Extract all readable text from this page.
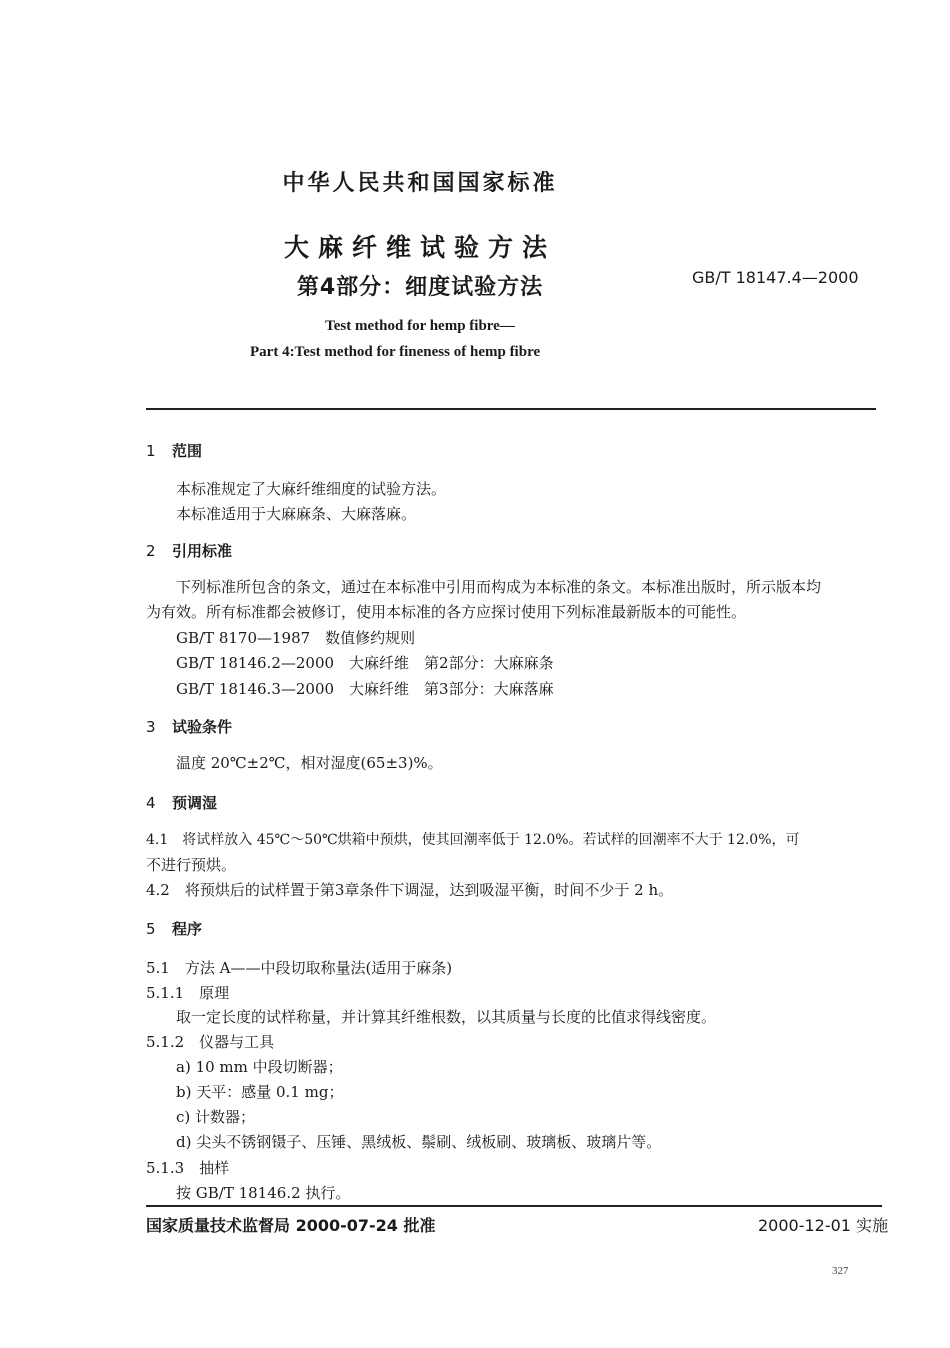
中华人民共和国国家标准
大麻纤维试验方法
第4部分：细度试验方法	GB/T 18147.4—2000
Test method for hemp fibre—
Part 4:Test method for fineness of hemp fibre
1 范围
本标准规定了大麻纤维细度的试验方法。
本标准适用于大麻麻条、大麻落麻。
2 引用标准
下列标准所包含的条文，通过在本标准中引用而构成为本标准的条文。本标准出版时，所示版本均
为有效。所有标准都会被修订，使用本标准的各方应探讨使用下列标准最新版本的可能性。
GB/T 8170—1987　数值修约规则
GB/T 18146.2—2000　大麻纤维　第2部分：大麻麻条
GB/T 18146.3—2000　大麻纤维　第3部分：大麻落麻
3 试验条件
温度 20℃±2℃，相对湿度(65±3)%。
4 预调湿
4.1　将试样放入 45℃～50℃烘箱中预烘，使其回潮率低于 12.0%。若试样的回潮率不大于 12.0%，可
不进行预烘。
4.2　将预烘后的试样置于第3章条件下调湿，达到吸湿平衡，时间不少于 2 h。
5 程序
5.1　方法 A——中段切取称量法(适用于麻条)
5.1.1　原理
取一定长度的试样称量，并计算其纤维根数，以其质量与长度的比值求得线密度。
5.1.2　仪器与工具
a) 10 mm 中段切断器；
b) 天平：感量 0.1 mg；
c) 计数器；
d) 尖头不锈钢镊子、压锤、黑绒板、鬃刷、绒板刷、玻璃板、玻璃片等。
5.1.3　抽样
按 GB/T 18146.2 执行。
国家质量技术监督局 2000-07-24 批准	2000-12-01 实施
327
